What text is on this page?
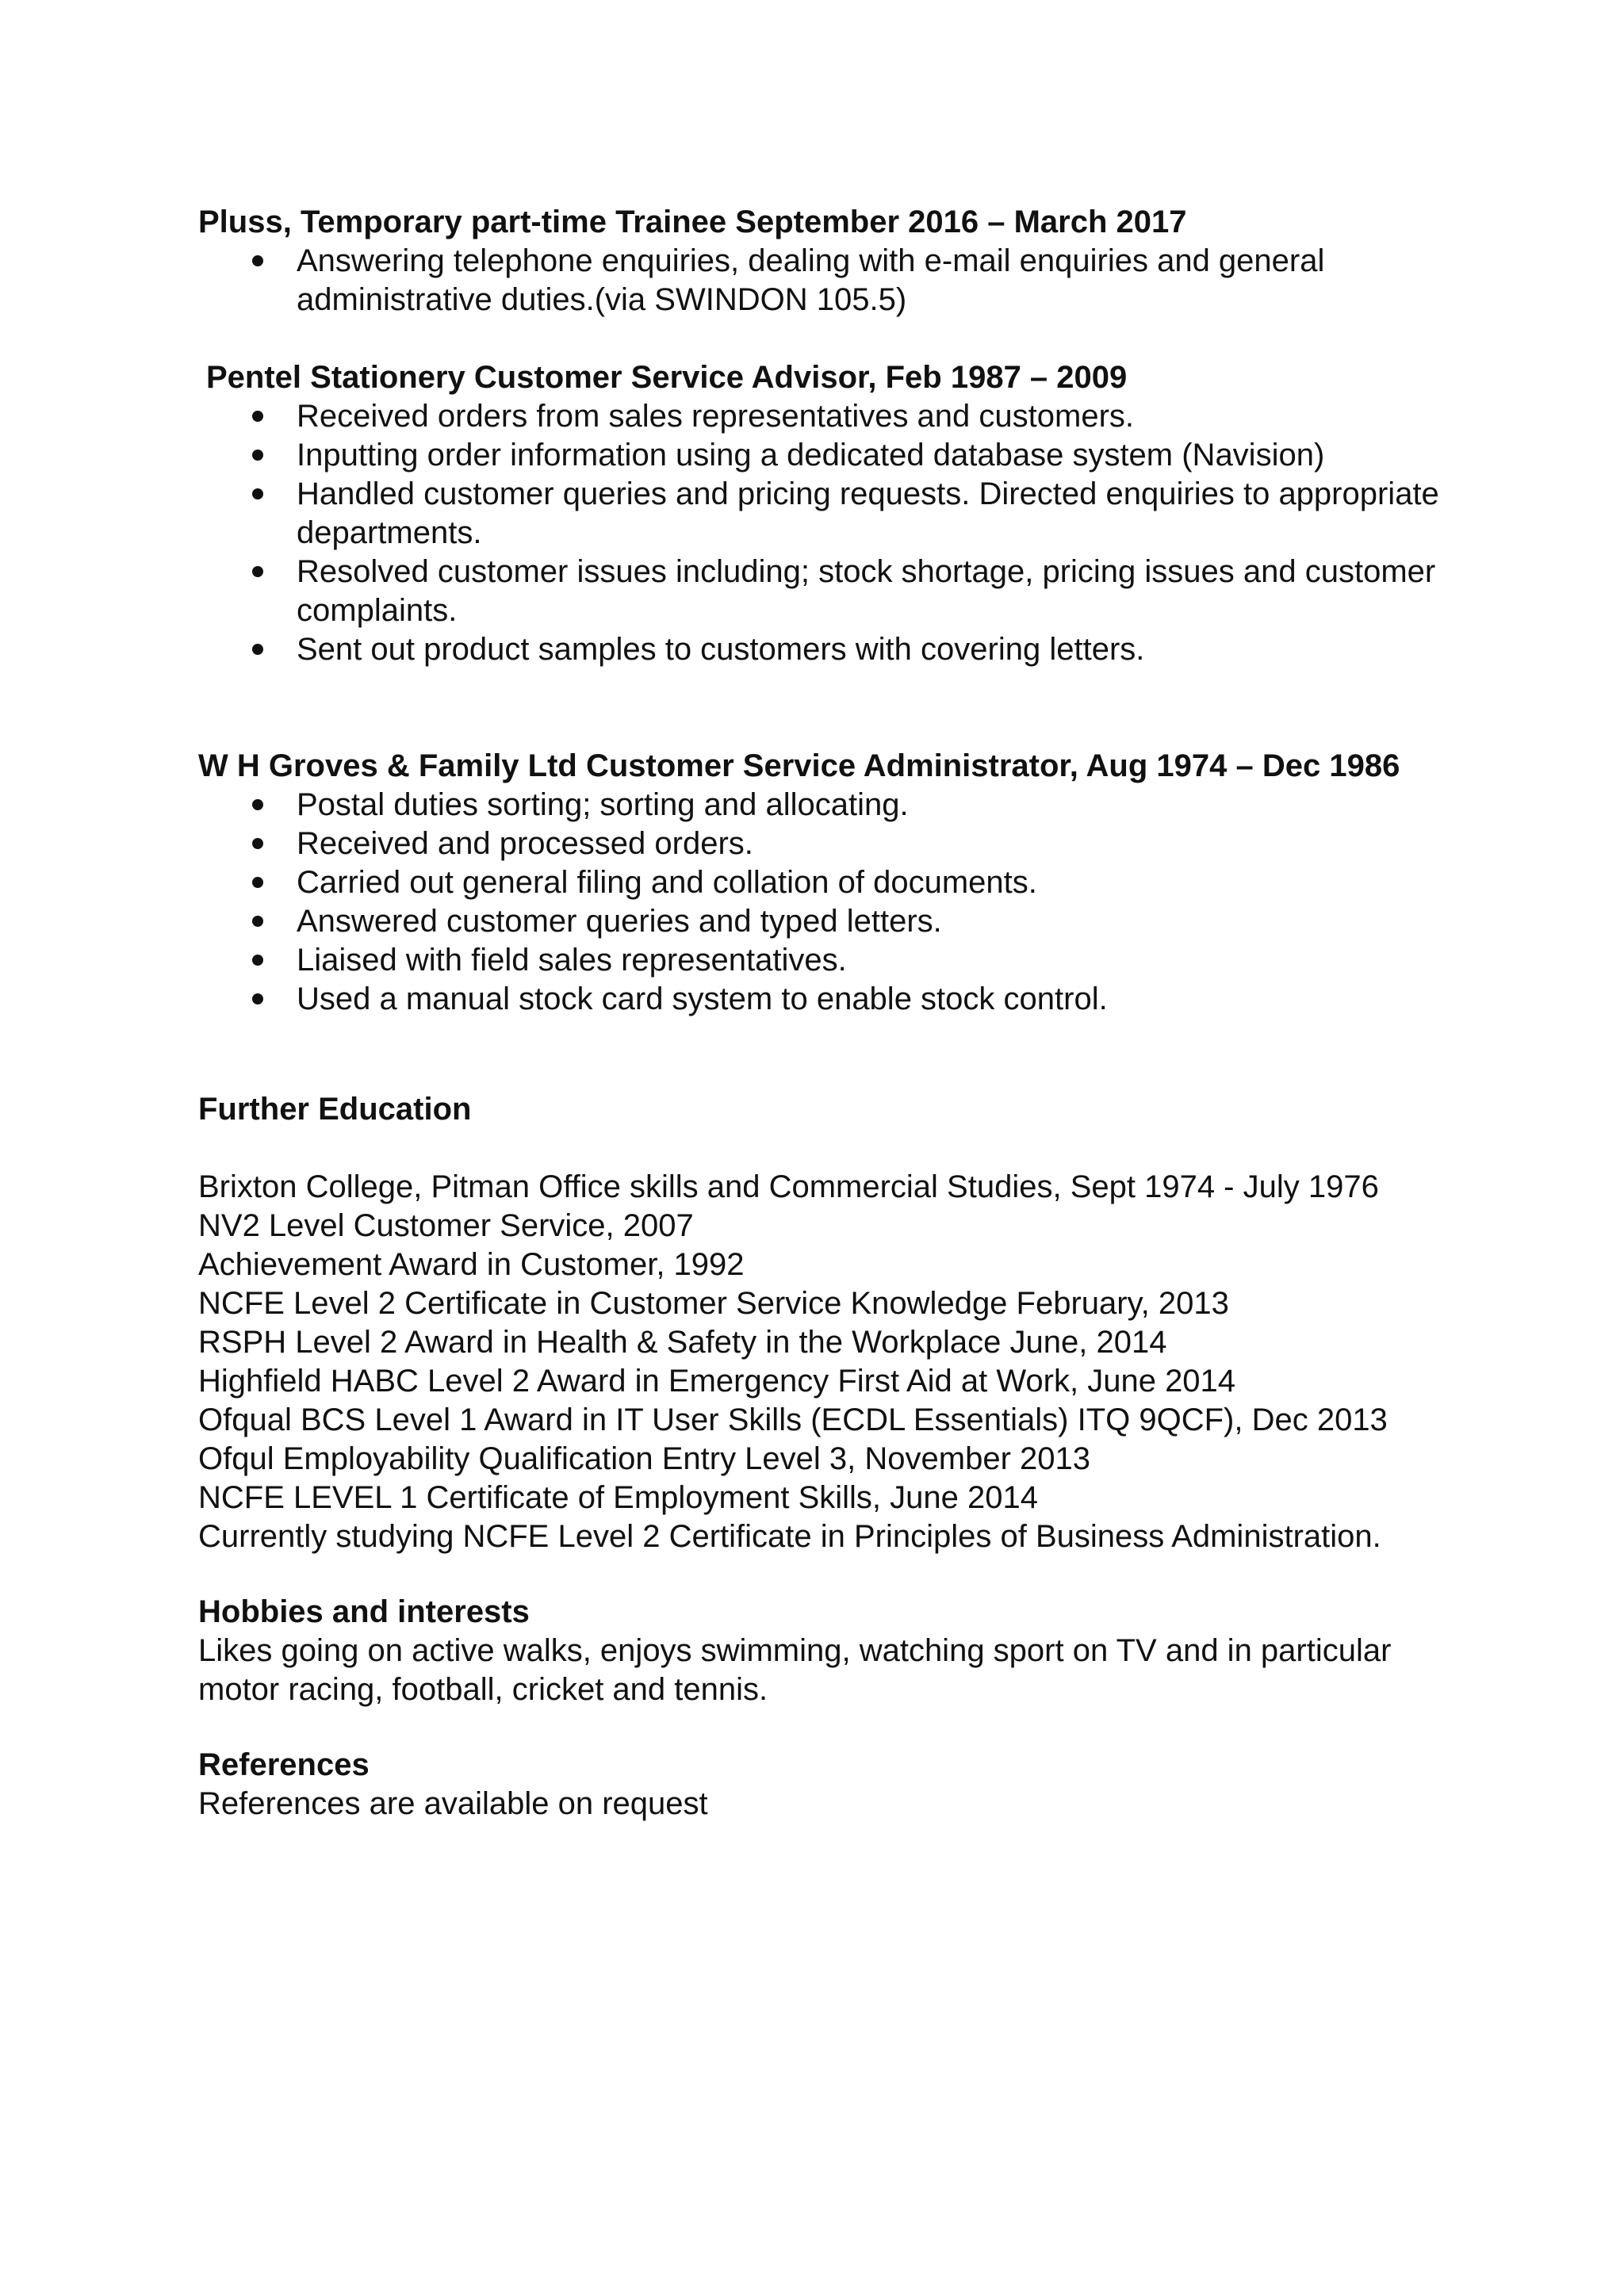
Pluss, Temporary part-time Trainee September 2016 – March 2017

Answering telephone enquiries, dealing with e-mail enquiries and general administrative duties.(via SWINDON 105.5)

Pentel Stationery Customer Service Advisor, Feb 1987 – 2009

Received orders from sales representatives and customers.
Inputting order information using a dedicated database system (Navision)
Handled customer queries and pricing requests. Directed enquiries to appropriate departments.
Resolved customer issues including; stock shortage, pricing issues and customer complaints.
Sent out product samples to customers with covering letters.

W H Groves & Family Ltd Customer Service Administrator, Aug 1974 – Dec 1986

Postal duties sorting; sorting and allocating.
Received and processed orders.
Carried out general filing and collation of documents.
Answered customer queries and typed letters.
Liaised with field sales representatives.
Used a manual stock card system to enable stock control.

Further Education

Brixton College, Pitman Office skills and Commercial Studies, Sept 1974 - July 1976

NV2 Level Customer Service, 2007

Achievement Award in Customer, 1992

NCFE Level 2 Certificate in Customer Service Knowledge February, 2013

RSPH Level 2 Award in Health & Safety in the Workplace June, 2014

Highfield HABC Level 2 Award in Emergency First Aid at Work, June 2014

Ofqual BCS Level 1 Award in IT User Skills (ECDL Essentials) ITQ 9QCF), Dec 2013

Ofqul Employability Qualification Entry Level 3, November 2013

NCFE LEVEL 1 Certificate of Employment Skills, June 2014

Currently studying NCFE Level 2 Certificate in Principles of Business Administration.

Hobbies and interests

Likes going on active walks, enjoys swimming, watching sport on TV and in particular motor racing, football, cricket and tennis.

References

References are available on request
